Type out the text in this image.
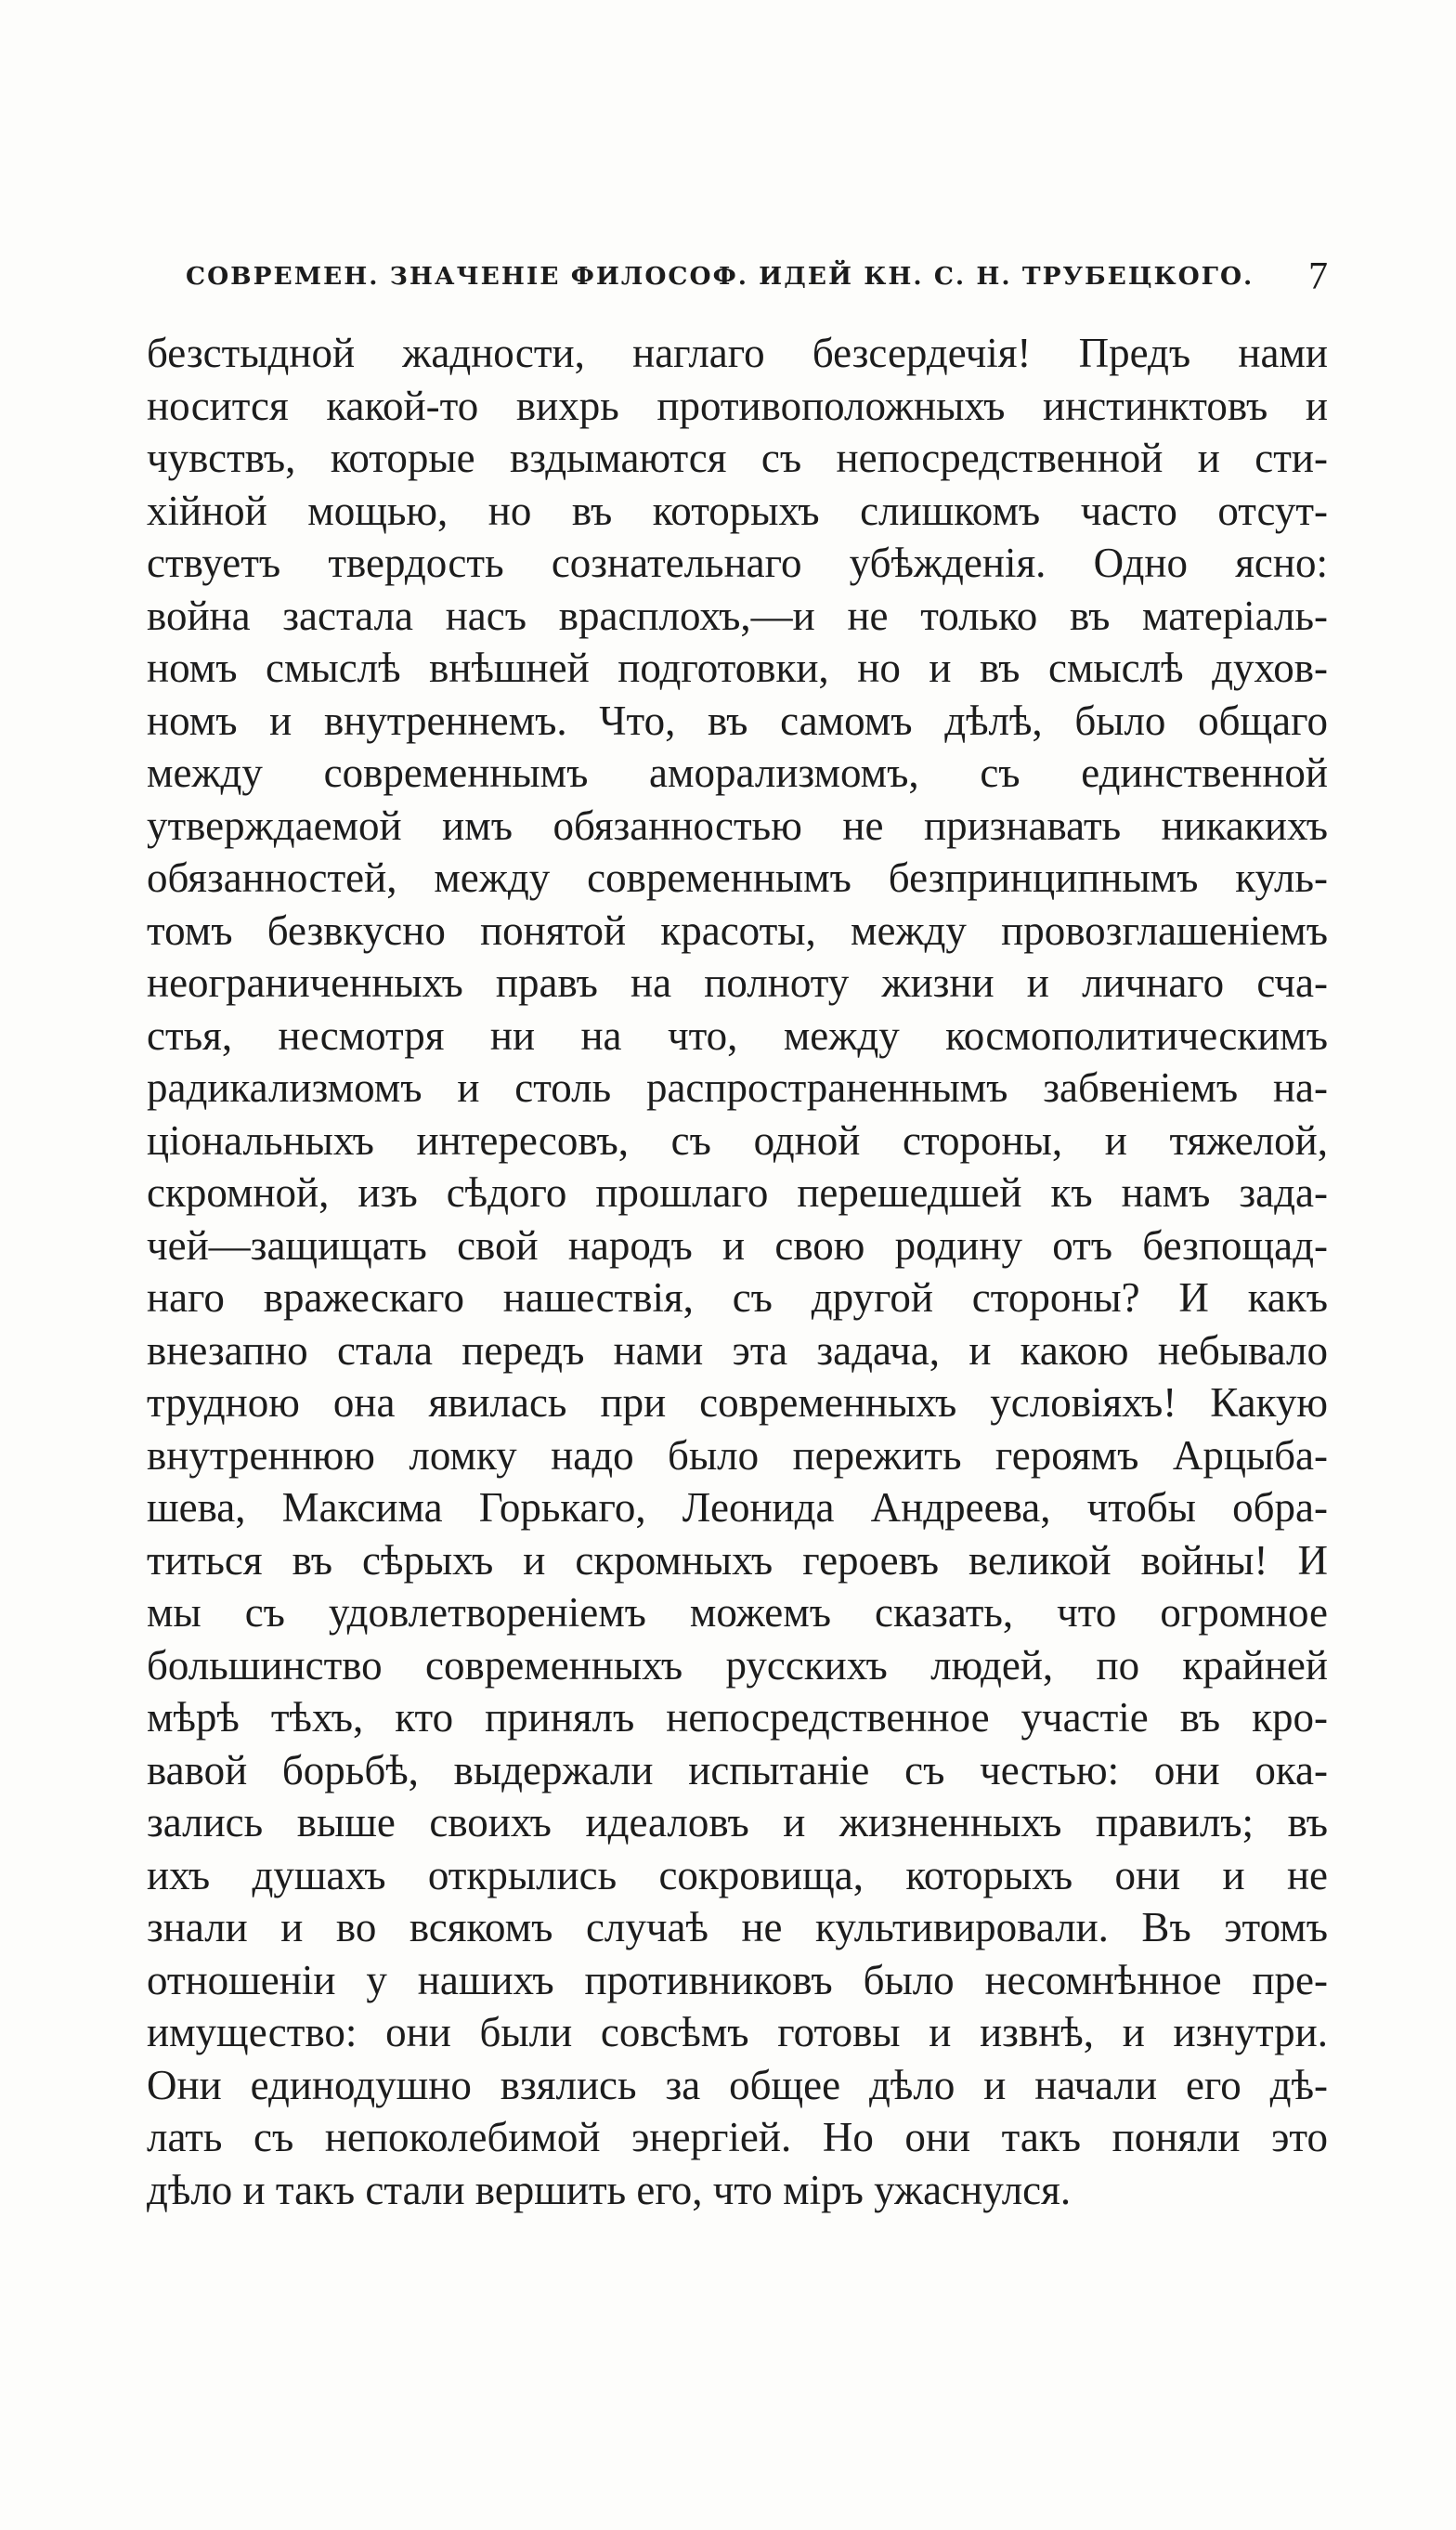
СОВРЕМЕН. ЗНАЧЕНІЕ ФИЛОСОФ. ИДЕЙ КН. С. Н. ТРУБЕЦКОГО. 7
безстыдной жадности, наглаго безсердечія! Предъ нами
носится какой-то вихрь противоположныхъ инстинктовъ и
чувствъ, которые вздымаются съ непосредственной и сти-
хійной мощью, но въ которыхъ слишкомъ часто отсут-
ствуетъ твердость сознательнаго убѣжденія. Одно ясно:
война застала насъ врасплохъ,—и не только въ матеріаль-
номъ смыслѣ внѣшней подготовки, но и въ смыслѣ духов-
номъ и внутреннемъ. Что, въ самомъ дѣлѣ, было общаго
между современнымъ аморализмомъ, съ единственной
утверждаемой имъ обязанностью не признавать никакихъ
обязанностей, между современнымъ безпринципнымъ куль-
томъ безвкусно понятой красоты, между провозглашеніемъ
неограниченныхъ правъ на полноту жизни и личнаго сча-
стья, несмотря ни на что, между космополитическимъ
радикализмомъ и столь распространеннымъ забвеніемъ на-
ціональныхъ интересовъ, съ одной стороны, и тяжелой,
скромной, изъ сѣдого прошлаго перешедшей къ намъ зада-
чей—защищать свой народъ и свою родину отъ безпощад-
наго вражескаго нашествія, съ другой стороны? И какъ
внезапно стала передъ нами эта задача, и какою небывало
трудною она явилась при современныхъ условіяхъ! Какую
внутреннюю ломку надо было пережить героямъ Арцыба-
шева, Максима Горькаго, Леонида Андреева, чтобы обра-
титься въ сѣрыхъ и скромныхъ героевъ великой войны! И
мы съ удовлетвореніемъ можемъ сказать, что огромное
большинство современныхъ русскихъ людей, по крайней
мѣрѣ тѣхъ, кто принялъ непосредственное участіе въ кро-
вавой борьбѣ, выдержали испытаніе съ честью: они ока-
зались выше своихъ идеаловъ и жизненныхъ правилъ; въ
ихъ душахъ открылись сокровища, которыхъ они и не
знали и во всякомъ случаѣ не культивировали. Въ этомъ
отношеніи у нашихъ противниковъ было несомнѣнное пре-
имущество: они были совсѣмъ готовы и извнѣ, и изнутри.
Они единодушно взялись за общее дѣло и начали его дѣ-
лать съ непоколебимой энергіей. Но они такъ поняли это
дѣло и такъ стали вершить его, что міръ ужаснулся.
